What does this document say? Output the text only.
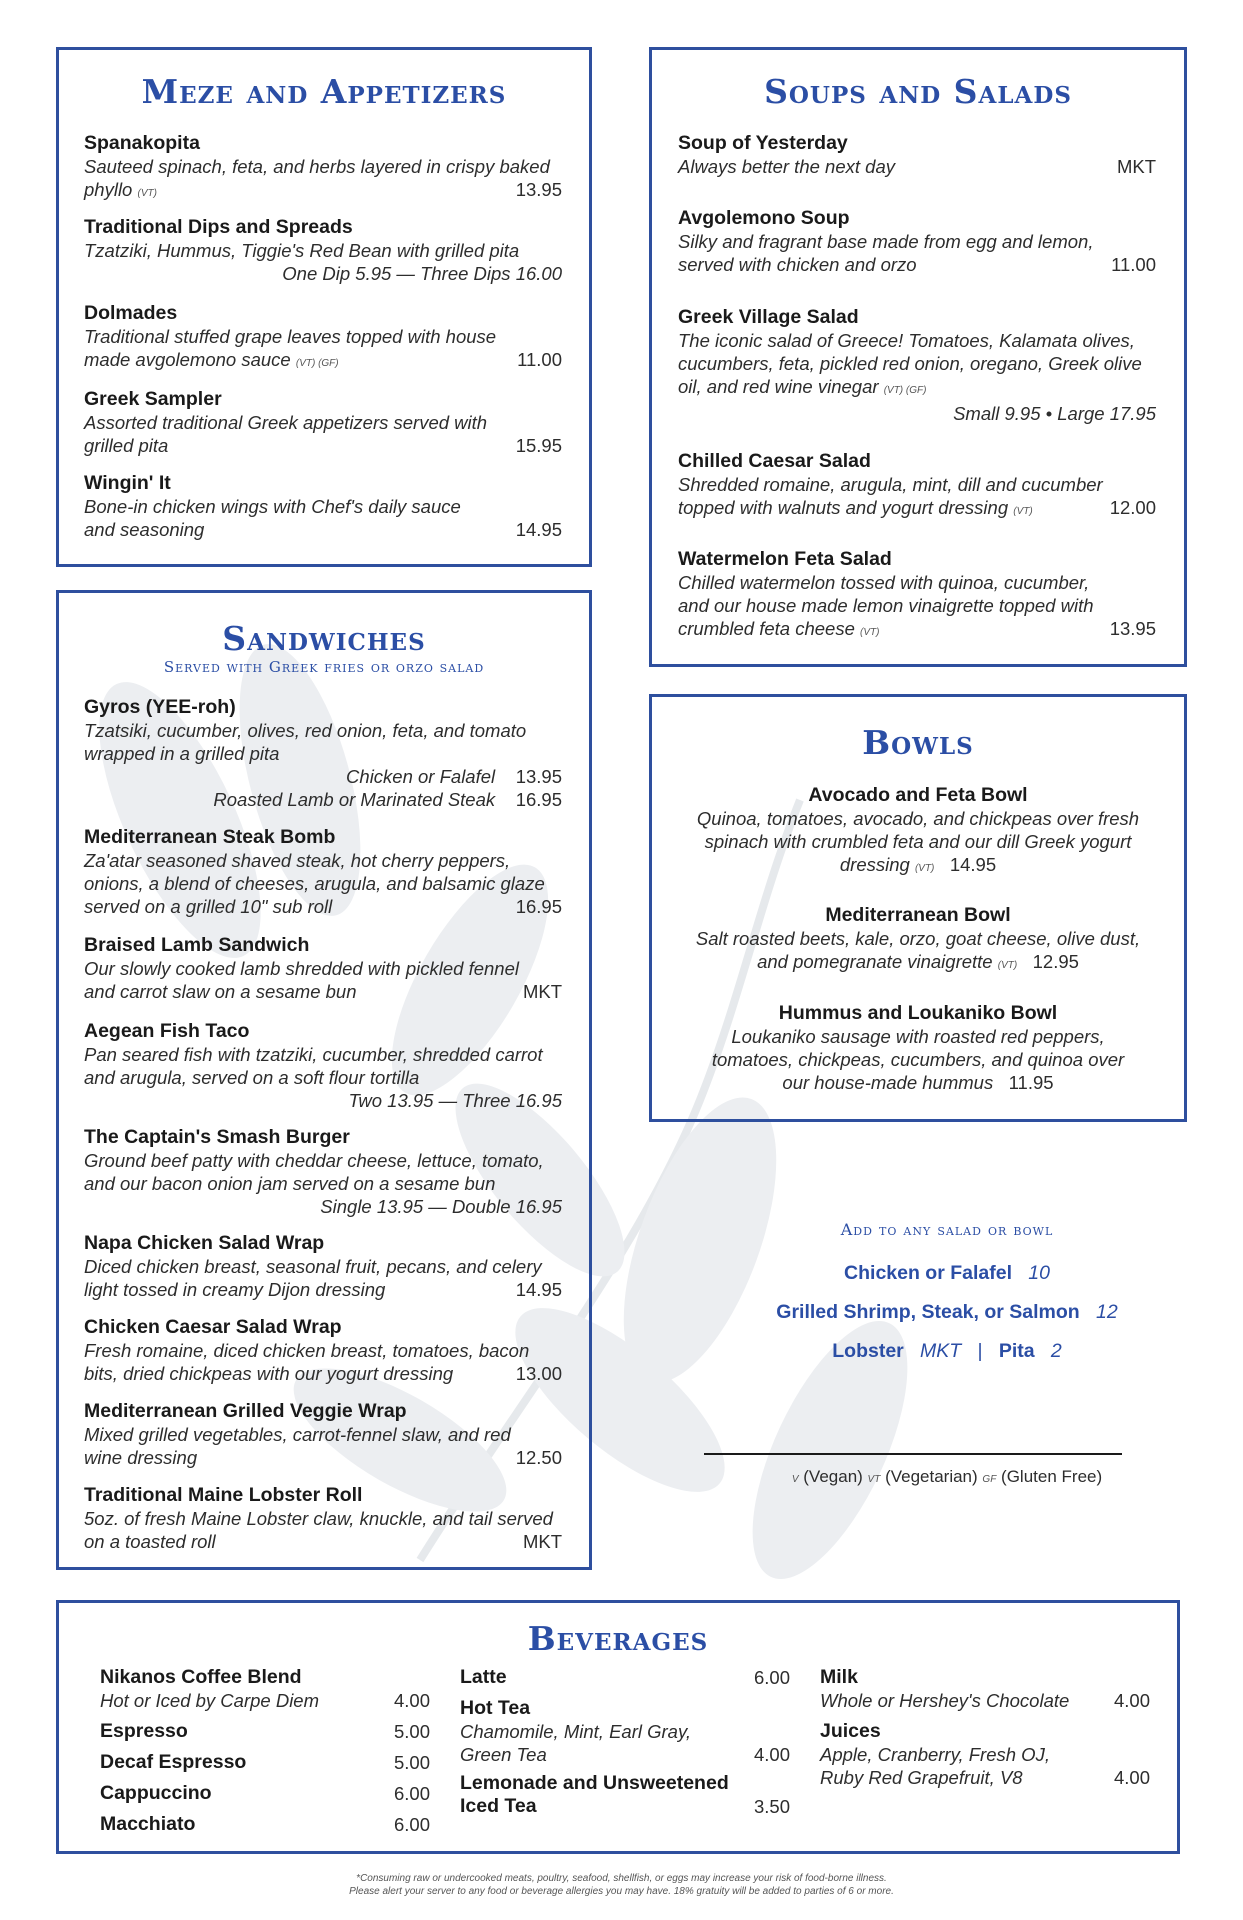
Meze and Appetizers
Spanakopita
Sauteed spinach, feta, and herbs layered in crispy baked
phyllo (VT)	13.95
Traditional Dips and Spreads
Tzatziki, Hummus, Tiggie's Red Bean with grilled pita
One Dip 5.95 — Three Dips 16.00
Dolmades
Traditional stuffed grape leaves topped with house
made avgolemono sauce (VT) (GF)	11.00
Greek Sampler
Assorted traditional Greek appetizers served with
grilled pita	15.95
Wingin' It
Bone-in chicken wings with Chef's daily sauce
and seasoning	14.95
Soups and Salads
Soup of Yesterday
Always better the next day	MKT
Avgolemono Soup
Silky and fragrant base made from egg and lemon,
served with chicken and orzo	11.00
Greek Village Salad
The iconic salad of Greece! Tomatoes, Kalamata olives,
cucumbers, feta, pickled red onion, oregano, Greek olive
oil, and red wine vinegar (VT) (GF)
Small 9.95 • Large 17.95
Chilled Caesar Salad
Shredded romaine, arugula, mint, dill and cucumber
topped with walnuts and yogurt dressing (VT)	12.00
Watermelon Feta Salad
Chilled watermelon tossed with quinoa, cucumber,
and our house made lemon vinaigrette topped with
crumbled feta cheese (VT)	13.95
Sandwiches
Served with Greek fries or orzo salad
Gyros (YEE-roh)
Tzatsiki, cucumber, olives, red onion, feta, and tomato
wrapped in a grilled pita
Chicken or Falafel 13.95
Roasted Lamb or Marinated Steak 16.95
Mediterranean Steak Bomb
Za'atar seasoned shaved steak, hot cherry peppers,
onions, a blend of cheeses, arugula, and balsamic glaze
served on a grilled 10" sub roll	16.95
Braised Lamb Sandwich
Our slowly cooked lamb shredded with pickled fennel
and carrot slaw on a sesame bun	MKT
Aegean Fish Taco
Pan seared fish with tzatziki, cucumber, shredded carrot
and arugula, served on a soft flour tortilla
Two 13.95 — Three 16.95
The Captain's Smash Burger
Ground beef patty with cheddar cheese, lettuce, tomato,
and our bacon onion jam served on a sesame bun
Single 13.95 — Double 16.95
Napa Chicken Salad Wrap
Diced chicken breast, seasonal fruit, pecans, and celery
light tossed in creamy Dijon dressing	14.95
Chicken Caesar Salad Wrap
Fresh romaine, diced chicken breast, tomatoes, bacon
bits, dried chickpeas with our yogurt dressing	13.00
Mediterranean Grilled Veggie Wrap
Mixed grilled vegetables, carrot-fennel slaw, and red
wine dressing	12.50
Traditional Maine Lobster Roll
5oz. of fresh Maine Lobster claw, knuckle, and tail served
on a toasted roll	MKT
Bowls
Avocado and Feta Bowl
Quinoa, tomatoes, avocado, and chickpeas over fresh
spinach with crumbled feta and our dill Greek yogurt
dressing (VT) 14.95
Mediterranean Bowl
Salt roasted beets, kale, orzo, goat cheese, olive dust,
and pomegranate vinaigrette (VT) 12.95
Hummus and Loukaniko Bowl
Loukaniko sausage with roasted red peppers,
tomatoes, chickpeas, cucumbers, and quinoa over
our house-made hummus 11.95
Add to any salad or bowl
Chicken or Falafel 10
Grilled Shrimp, Steak, or Salmon 12
Lobster MKT | Pita 2
V (Vegan) VT (Vegetarian) GF (Gluten Free)
Beverages
Nikanos Coffee Blend
Hot or Iced by Carpe Diem	4.00
Espresso	5.00
Decaf Espresso	5.00
Cappuccino	6.00
Macchiato	6.00
Latte	6.00
Hot Tea
Chamomile, Mint, Earl Gray,
Green Tea	4.00
Lemonade and Unsweetened
Iced Tea	3.50
Milk
Whole or Hershey's Chocolate 4.00
Juices
Apple, Cranberry, Fresh OJ,
Ruby Red Grapefruit, V8	4.00
*Consuming raw or undercooked meats, poultry, seafood, shellfish, or eggs may increase your risk of food-borne illness.
Please alert your server to any food or beverage allergies you may have. 18% gratuity will be added to parties of 6 or more.
